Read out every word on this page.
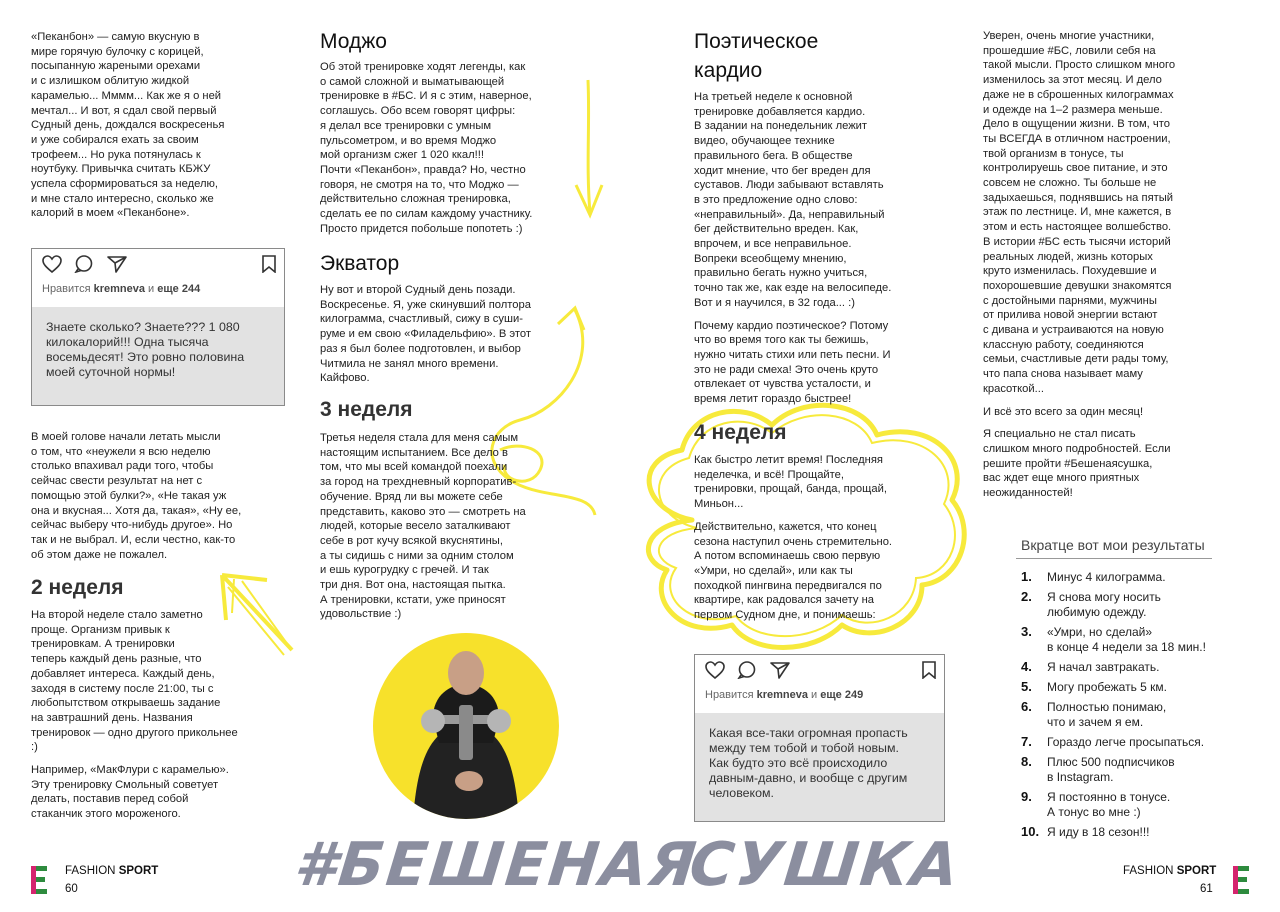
«Пеканбон» — самую вкусную в
мире горячую булочку с корицей,
посыпанную жареными орехами
и с излишком облитую жидкой
карамелью... Мммм... Как же я о ней
мечтал... И вот, я сдал свой первый
Судный день, дождался воскресенья
и уже собирался ехать за своим
трофеем... Но рука потянулась к
ноутбуку. Привычка считать КБЖУ
успела сформироваться за неделю,
и мне стало интересно, сколько же
калорий в моем «Пеканбоне».

Нравится kremneva и еще 244
Знаете сколько? Знаете??? 1 080
килокалорий!!! Одна тысяча
восемьдесят! Это ровно половина
моей суточной нормы!

В моей голове начали летать мысли
о том, что «неужели я всю неделю
столько впахивал ради того, чтобы
сейчас свести результат на нет с
помощью этой булки?», «Не такая уж
она и вкусная... Хотя да, такая», «Ну ее,
сейчас выберу что-нибудь другое». Но
так и не выбрал. И, если честно, как-то
об этом даже не пожалел.

2 неделя

На второй неделе стало заметно
проще. Организм привык к
тренировкам. А тренировки
теперь каждый день разные, что
добавляет интереса. Каждый день,
заходя в систему после 21:00, ты с
любопытством открываешь задание
на завтрашний день. Названия
тренировок — одно другого прикольнее
:)

Например, «МакФлури с карамелью».
Эту тренировку Смольный советует
делать, поставив перед собой
стаканчик этого мороженого.

Моджо

Об этой тренировке ходят легенды, как
о самой сложной и выматывающей
тренировке в #БС. И я с этим, наверное,
соглашусь. Обо всем говорят цифры:
я делал все тренировки с умным
пульсометром, и во время Моджо
мой организм сжег 1 020 ккал!!!
Почти «Пеканбон», правда? Но, честно
говоря, не смотря на то, что Моджо —
действительно сложная тренировка,
сделать ее по силам каждому участнику.
Просто придется побольше попотеть :)

Экватор

Ну вот и второй Судный день позади.
Воскресенье. Я, уже скинувший полтора
килограмма, счастливый, сижу в суши-
руме и ем свою «Филадельфию». В этот
раз я был более подготовлен, и выбор
Читмила не занял много времени.
Кайфово.

3 неделя

Третья неделя стала для меня самым
настоящим испытанием. Все дело в
том, что мы всей командой поехали
за город на трехдневный корпоратив-
обучение. Вряд ли вы можете себе
представить, каково это — смотреть на
людей, которые весело заталкивают
себе в рот кучу всякой вкуснятины,
а ты сидишь с ними за одним столом
и ешь курогрудку с гречей. И так
три дня. Вот она, настоящая пытка.
А тренировки, кстати, уже приносят
удовольствие :)

FASHION SPORT
60	#БЕШЕНАЯ
Поэтическое
кардио

На третьей неделе к основной
тренировке добавляется кардио.
В задании на понедельник лежит
видео, обучающее технике
правильного бега. В обществе
ходит мнение, что бег вреден для
суставов. Люди забывают вставлять
в это предложение одно слово:
«неправильный». Да, неправильный
бег действительно вреден. Как,
впрочем, и все неправильное.
Вопреки всеобщему мнению,
правильно бегать нужно учиться,
точно так же, как езде на велосипеде.
Вот и я научился, в 32 года... :)

Почему кардио поэтическое? Потому
что во время того как ты бежишь,
нужно читать стихи или петь песни. И
это не ради смеха! Это очень круто
отвлекает от чувства усталости, и
время летит гораздо быстрее!

4 неделя

Как быстро летит время! Последняя
неделечка, и всё! Прощайте,
тренировки, прощай, банда, прощай,
Миньон...

Действительно, кажется, что конец
сезона наступил очень стремительно.
А потом вспоминаешь свою первую
«Умри, но сделай», или как ты
походкой пингвина передвигался по
квартире, как радовался зачету на
первом Судном дне, и понимаешь:

Нравится kremneva и еще 249
Какая все-таки огромная пропасть
между тем тобой и тобой новым.
Как будто это всё происходило
давным-давно, и вообще с другим
человеком.

Уверен, очень многие участники,
прошедшие #БС, ловили себя на
такой мысли. Просто слишком много
изменилось за этот месяц. И дело
даже не в сброшенных килограммах
и одежде на 1–2 размера меньше.
Дело в ощущении жизни. В том, что
ты ВСЕГДА в отличном настроении,
твой организм в тонусе, ты
контролируешь свое питание, и это
совсем не сложно. Ты больше не
задыхаешься, поднявшись на пятый
этаж по лестнице. И, мне кажется, в
этом и есть настоящее волшебство.
В истории #БС есть тысячи историй
реальных людей, жизнь которых
круто изменилась. Похудевшие и
похорошевшие девушки знакомятся
с достойными парнями, мужчины
от прилива новой энергии встают
с дивана и устраиваются на новую
классную работу, соединяются
семьи, счастливые дети рады тому,
что папа снова называет маму
красоткой...

И всё это всего за один месяц!

Я специально не стал писать
слишком много подробностей. Если
решите пройти #Бешенаясушка,
вас ждет еще много приятных
неожиданностей!

Вкратце вот мои результаты
1. Минус 4 килограмма.
2. Я снова могу носить
любимую одежду.
3. «Умри, но сделай»
в конце 4 недели за 18 мин.!
4. Я начал завтракать.
5. Могу пробежать 5 км.
6. Полностью понимаю,
что и зачем я ем.
7. Гораздо легче просыпаться.
8. Плюс 500 подписчиков
в Instagram.
9. Я постоянно в тонусе.
А тонус во мне :)
10. Я иду в 18 сезон!!!
FASHION SPORT
61
СУШКА
